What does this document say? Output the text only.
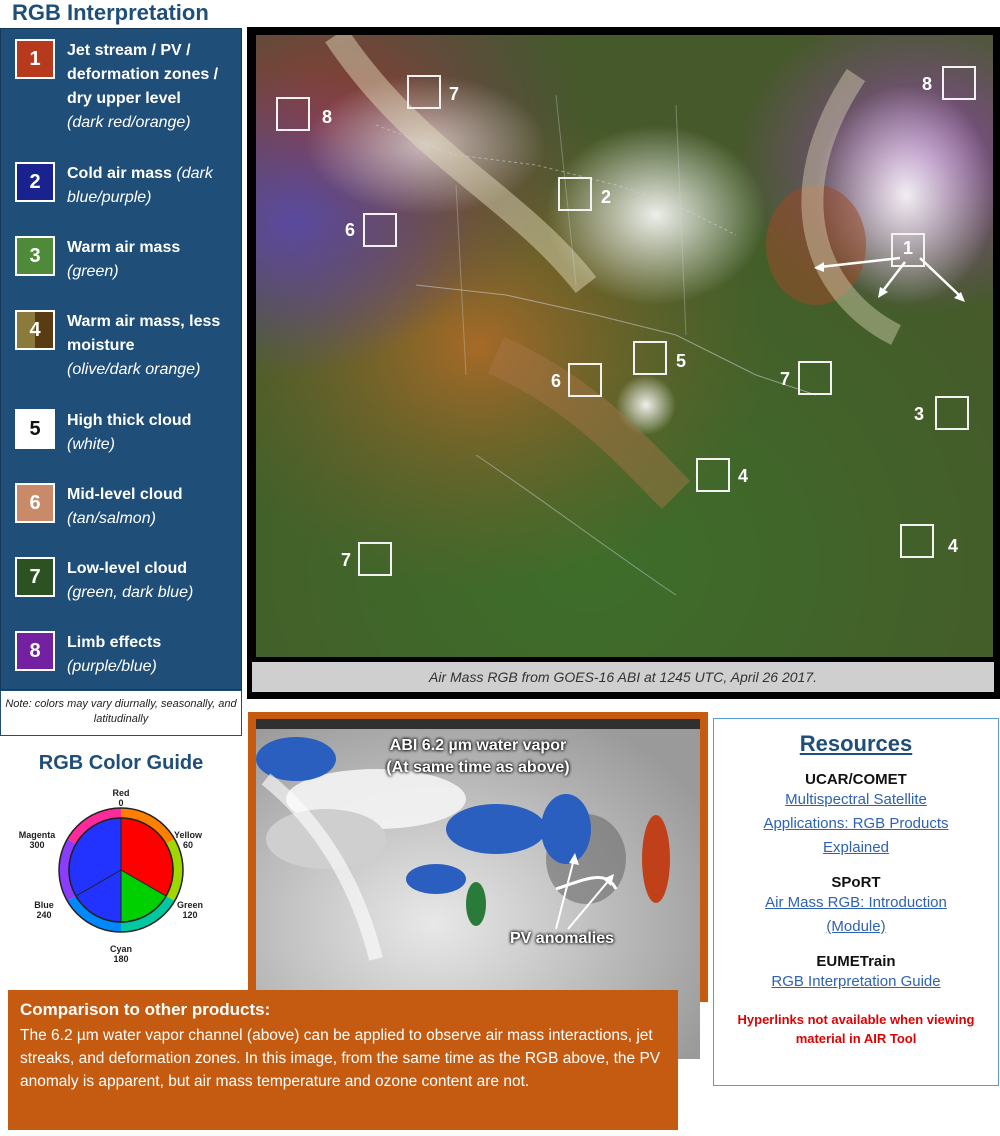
RGB Interpretation
1	Jet stream / PV / deformation zones / dry upper level
(dark red/orange)
2	Cold air mass (dark blue/purple)
3	Warm air mass
(green)
4	Warm air mass, less moisture
(olive/dark orange)
5	High thick cloud
(white)
6	Mid-level cloud
(tan/salmon)
7	Low-level cloud
(green, dark blue)
8	Limb effects
(purple/blue)
Note: colors may vary diurnally, seasonally, and latitudinally
RGB Color Guide
Red
0
Yellow
60
Green
120
Cyan
180
Blue
240
Magenta
300
8
7	8
2
6
1
5
6	7
3
4
4
7
Air Mass RGB from GOES-16 ABI at 1245 UTC, April 26 2017.
ABI 6.2 µm water vapor
(At same time as above)
PV anomalies
Comparison to other products:

The 6.2 µm water vapor channel (above) can be applied to observe air mass interactions, jet streaks, and deformation zones. In this image, from the same time as the RGB above, the PV anomaly is apparent, but air mass temperature and ozone content are not.

Resources
UCAR/COMET
Multispectral Satellite Applications: RGB Products Explained
SPoRT
Air Mass RGB: Introduction (Module)
EUMETrain
RGB Interpretation Guide
Hyperlinks not available when viewing material in AIR Tool
